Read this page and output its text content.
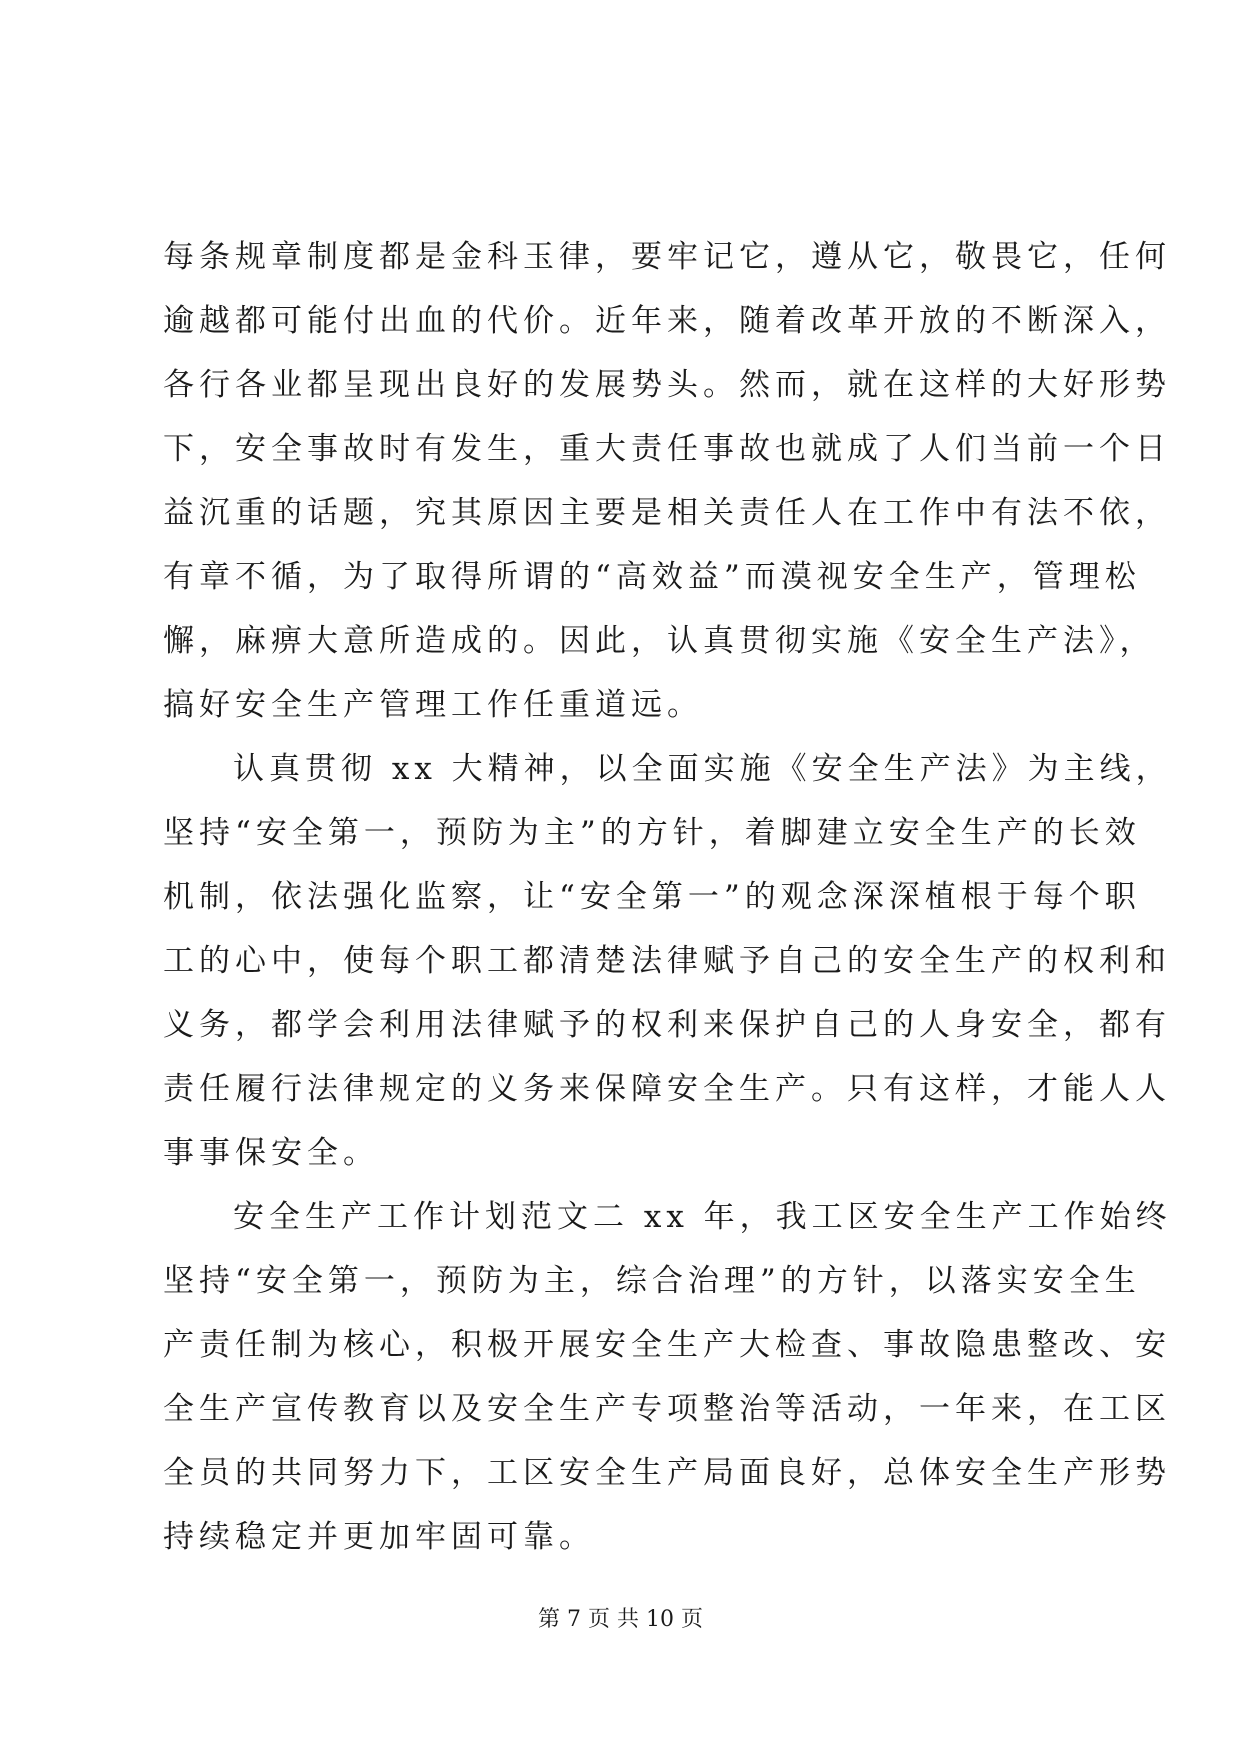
每条规章制度都是金科玉律，要牢记它，遵从它，敬畏它，任何
逾越都可能付出血的代价。近年来，随着改革开放的不断深入，
各行各业都呈现出良好的发展势头。然而，就在这样的大好形势
下，安全事故时有发生，重大责任事故也就成了人们当前一个日
益沉重的话题，究其原因主要是相关责任人在工作中有法不依，
有章不循，为了取得所谓的“高效益”而漠视安全生产，管理松
懈，麻痹大意所造成的。因此，认真贯彻实施《安全生产法》，
搞好安全生产管理工作任重道远。
认真贯彻 xx 大精神，以全面实施《安全生产法》为主线，
坚持“安全第一，预防为主”的方针，着脚建立安全生产的长效
机制，依法强化监察，让“安全第一”的观念深深植根于每个职
工的心中，使每个职工都清楚法律赋予自己的安全生产的权利和
义务，都学会利用法律赋予的权利来保护自己的人身安全，都有
责任履行法律规定的义务来保障安全生产。只有这样，才能人人
事事保安全。
安全生产工作计划范文二 xx 年，我工区安全生产工作始终
坚持“安全第一，预防为主，综合治理”的方针，以落实安全生
产责任制为核心，积极开展安全生产大检查、事故隐患整改、安
全生产宣传教育以及安全生产专项整治等活动，一年来，在工区
全员的共同努力下，工区安全生产局面良好，总体安全生产形势
持续稳定并更加牢固可靠。
第 7 页 共 10 页
